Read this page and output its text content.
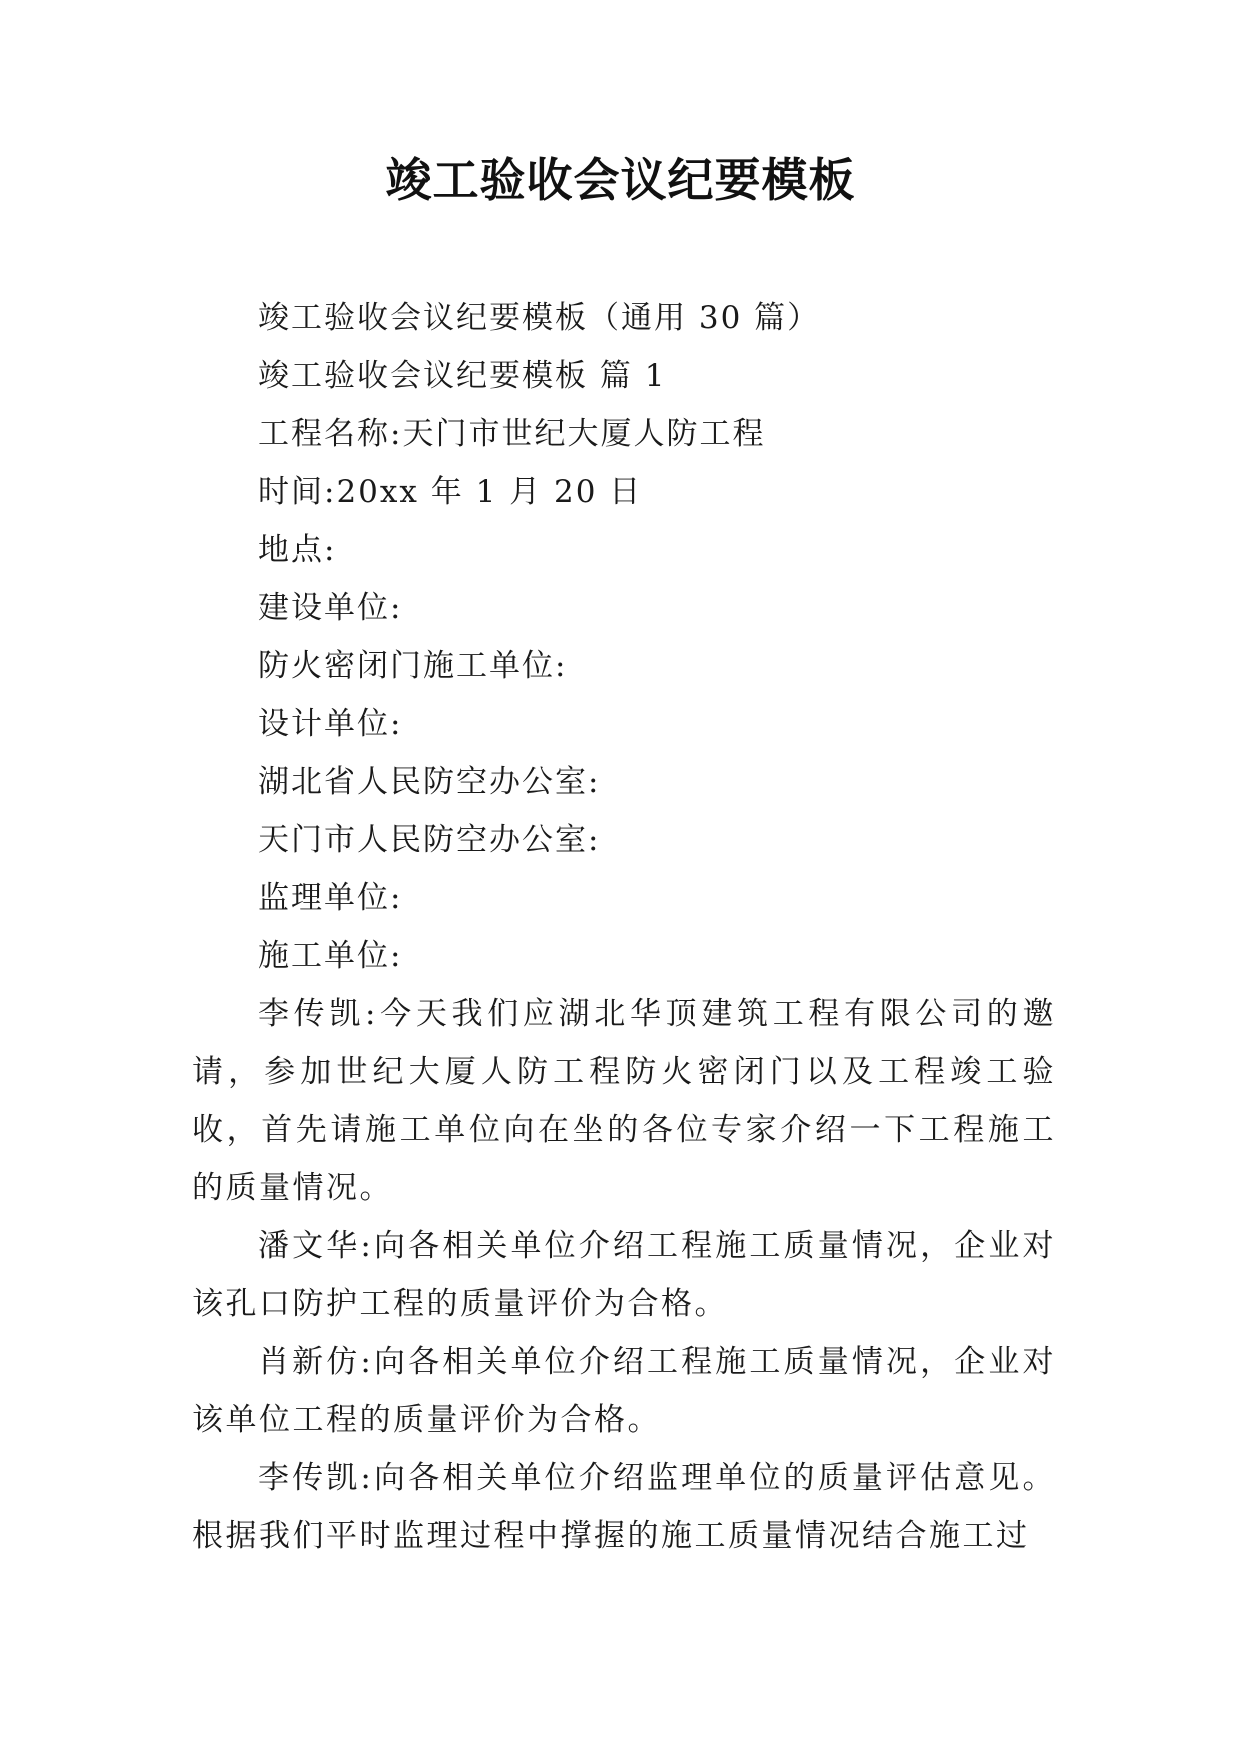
竣工验收会议纪要模板

竣工验收会议纪要模板（通用 30 篇）

竣工验收会议纪要模板 篇 1

工程名称:天门市世纪大厦人防工程

时间:20xx 年 1 月 20 日

地点:

建设单位:

防火密闭门施工单位:

设计单位:

湖北省人民防空办公室:

天门市人民防空办公室:

监理单位:

施工单位:

李传凯:今天我们应湖北华顶建筑工程有限公司的邀请，参加世纪大厦人防工程防火密闭门以及工程竣工验收，首先请施工单位向在坐的各位专家介绍一下工程施工的质量情况。

潘文华:向各相关单位介绍工程施工质量情况，企业对该孔口防护工程的质量评价为合格。

肖新仿:向各相关单位介绍工程施工质量情况，企业对该单位工程的质量评价为合格。

李传凯:向各相关单位介绍监理单位的质量评估意见。根据我们平时监理过程中撑握的施工质量情况结合施工过
